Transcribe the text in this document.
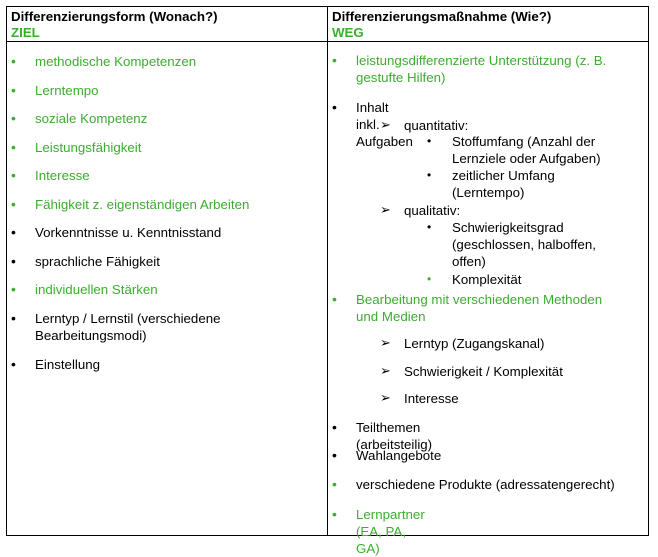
Differenzierungsform (Wonach?)
ZIEL
Differenzierungsmaßnahme (Wie?)
WEG
• methodische Kompetenzen
• Lerntempo
• soziale Kompetenz
• Leistungsfähigkeit
• Interesse
• Fähigkeit z. eigenständigen Arbeiten
• Vorkenntnisse u. Kenntnisstand
• sprachliche Fähigkeit
• individuellen Stärken
• Lerntyp / Lernstil (verschiedene
Bearbeitungsmodi)
• Einstellung
• leistungsdifferenzierte Unterstützung (z. B.
gestufte Hilfen)
• Inhalt inkl. Aufgaben
➢ quantitativ:
• Stoffumfang (Anzahl der
Lernziele oder Aufgaben)
• zeitlicher Umfang
(Lerntempo)
➢ qualitativ:
• Schwierigkeitsgrad
(geschlossen, halboffen,
offen)
• Komplexität
• Bearbeitung mit verschiedenen Methoden
und Medien
➢ Lerntyp (Zugangskanal)
➢ Schwierigkeit / Komplexität
➢ Interesse
• Teilthemen (arbeitsteilig)
• Wahlangebote
• verschiedene Produkte (adressatengerecht)
• Lernpartner (EA, PA, GA)
